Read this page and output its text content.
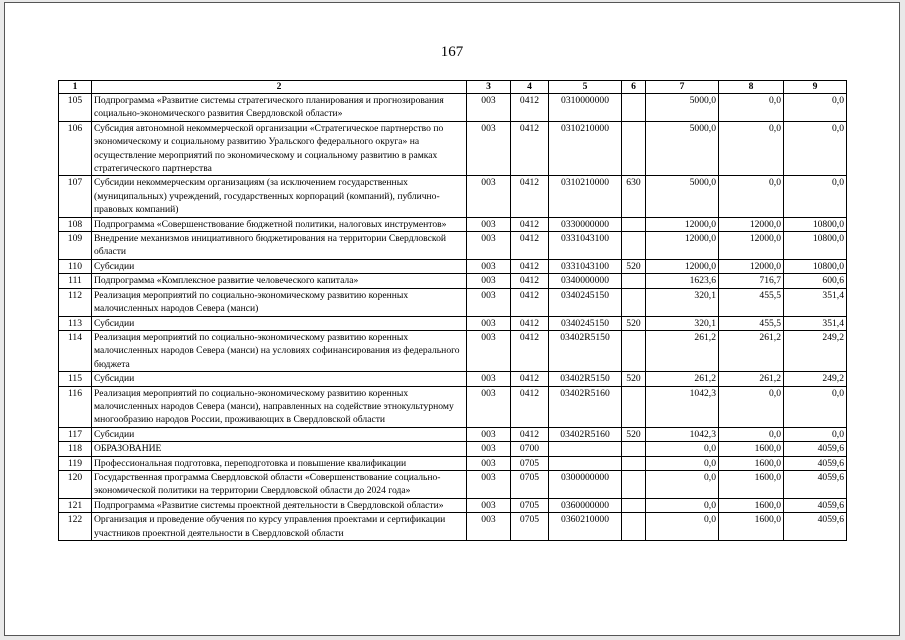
167
1	2	3	4	5	6	7	8	9
105	Подпрограмма «Развитие системы стратегического планирования и прогнозирования социально-экономического развития Свердловской области»	003	0412	0310000000		5000,0	0,0	0,0
106	Субсидия автономной некоммерческой организации «Стратегическое партнерство по экономическому и социальному развитию Уральского федерального округа» на осуществление мероприятий по экономическому и социальному развитию в рамках стратегического партнерства	003	0412	0310210000		5000,0	0,0	0,0
107	Субсидии некоммерческим организациям (за исключением государственных (муниципальных) учреждений, государственных корпораций (компаний), публично-правовых компаний)	003	0412	0310210000	630	5000,0	0,0	0,0
108	Подпрограмма «Совершенствование бюджетной политики, налоговых инструментов»	003	0412	0330000000		12000,0	12000,0	10800,0
109	Внедрение механизмов инициативного бюджетирования на территории Свердловской области	003	0412	0331043100		12000,0	12000,0	10800,0
110	Субсидии	003	0412	0331043100	520	12000,0	12000,0	10800,0
111	Подпрограмма «Комплексное развитие человеческого капитала»	003	0412	0340000000		1623,6	716,7	600,6
112	Реализация мероприятий по социально-экономическому развитию коренных малочисленных народов Севера (манси)	003	0412	0340245150		320,1	455,5	351,4
113	Субсидии	003	0412	0340245150	520	320,1	455,5	351,4
114	Реализация мероприятий по социально-экономическому развитию коренных малочисленных народов Севера (манси) на условиях софинансирования из федерального бюджета	003	0412	03402R5150		261,2	261,2	249,2
115	Субсидии	003	0412	03402R5150	520	261,2	261,2	249,2
116	Реализация мероприятий по социально-экономическому развитию коренных малочисленных народов Севера (манси), направленных на содействие этнокультурному многообразию народов России, проживающих в Свердловской области	003	0412	03402R5160		1042,3	0,0	0,0
117	Субсидии	003	0412	03402R5160	520	1042,3	0,0	0,0
118	ОБРАЗОВАНИЕ	003	0700			0,0	1600,0	4059,6
119	Профессиональная подготовка, переподготовка и повышение квалификации	003	0705			0,0	1600,0	4059,6
120	Государственная программа Свердловской области «Совершенствование социально-экономической политики на территории Свердловской области до 2024 года»	003	0705	0300000000		0,0	1600,0	4059,6
121	Подпрограмма «Развитие системы проектной деятельности в Свердловской области»	003	0705	0360000000		0,0	1600,0	4059,6
122	Организация и проведение обучения по курсу управления проектами и сертификации участников проектной деятельности в Свердловской области	003	0705	0360210000		0,0	1600,0	4059,6
